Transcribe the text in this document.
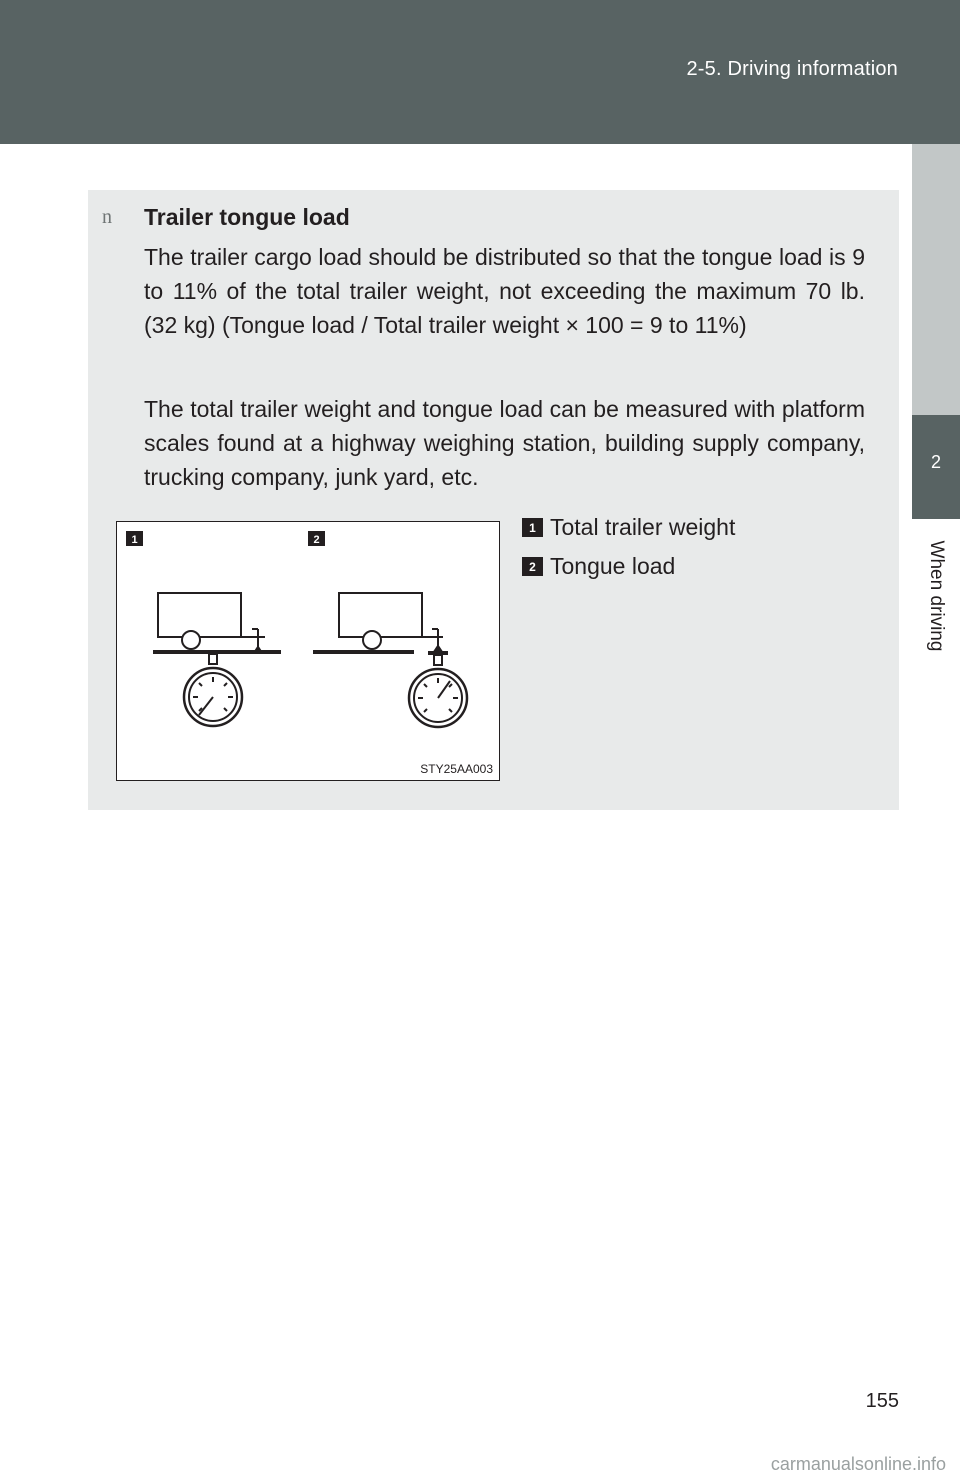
2-5. Driving information
2
When driving
n Trailer tongue load

The trailer cargo load should be distributed so that the tongue load is 9 to 11% of the total trailer weight, not exceeding the maximum 70 lb. (32 kg) (Tongue load / Total trailer weight × 100 = 9 to 11%)

The total trailer weight and tongue load can be measured with platform scales found at a highway weighing station, building supply company, trucking company, junk yard, etc.

1	2
STY25AA003
1 Total trailer weight
2 Tongue load
155
carmanualsonline.info
